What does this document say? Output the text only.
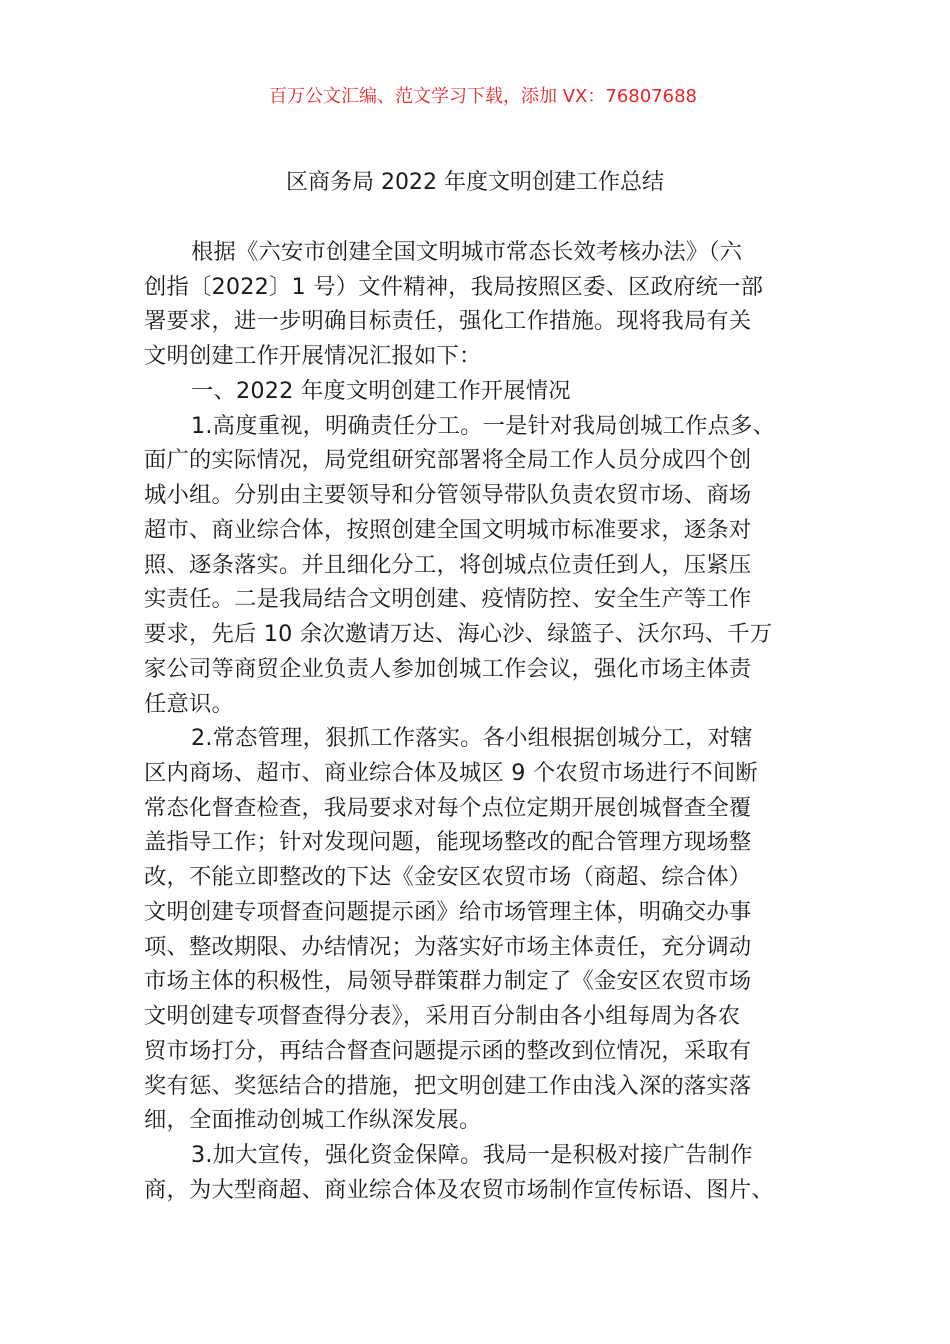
百万公文汇编、范文学习下载，添加 VX：76807688
区商务局 2022 年度文明创建工作总结
根据《六安市创建全国文明城市常态长效考核办法》（六
创指〔2022〕1 号）文件精神，我局按照区委、区政府统一部
署要求，进一步明确目标责任，强化工作措施。现将我局有关
文明创建工作开展情况汇报如下：
一、2022 年度文明创建工作开展情况
1.高度重视，明确责任分工。一是针对我局创城工作点多、
面广的实际情况，局党组研究部署将全局工作人员分成四个创
城小组。分别由主要领导和分管领导带队负责农贸市场、商场
超市、商业综合体，按照创建全国文明城市标准要求，逐条对
照、逐条落实。并且细化分工，将创城点位责任到人，压紧压
实责任。二是我局结合文明创建、疫情防控、安全生产等工作
要求，先后 10 余次邀请万达、海心沙、绿篮子、沃尔玛、千万
家公司等商贸企业负责人参加创城工作会议，强化市场主体责
任意识。
2.常态管理，狠抓工作落实。各小组根据创城分工，对辖
区内商场、超市、商业综合体及城区 9 个农贸市场进行不间断
常态化督查检查，我局要求对每个点位定期开展创城督查全覆
盖指导工作；针对发现问题，能现场整改的配合管理方现场整
改，不能立即整改的下达《金安区农贸市场（商超、综合体）
文明创建专项督查问题提示函》给市场管理主体，明确交办事
项、整改期限、办结情况；为落实好市场主体责任，充分调动
市场主体的积极性，局领导群策群力制定了《金安区农贸市场
文明创建专项督查得分表》，采用百分制由各小组每周为各农
贸市场打分，再结合督查问题提示函的整改到位情况，采取有
奖有惩、奖惩结合的措施，把文明创建工作由浅入深的落实落
细，全面推动创城工作纵深发展。
3.加大宣传，强化资金保障。我局一是积极对接广告制作
商，为大型商超、商业综合体及农贸市场制作宣传标语、图片、
